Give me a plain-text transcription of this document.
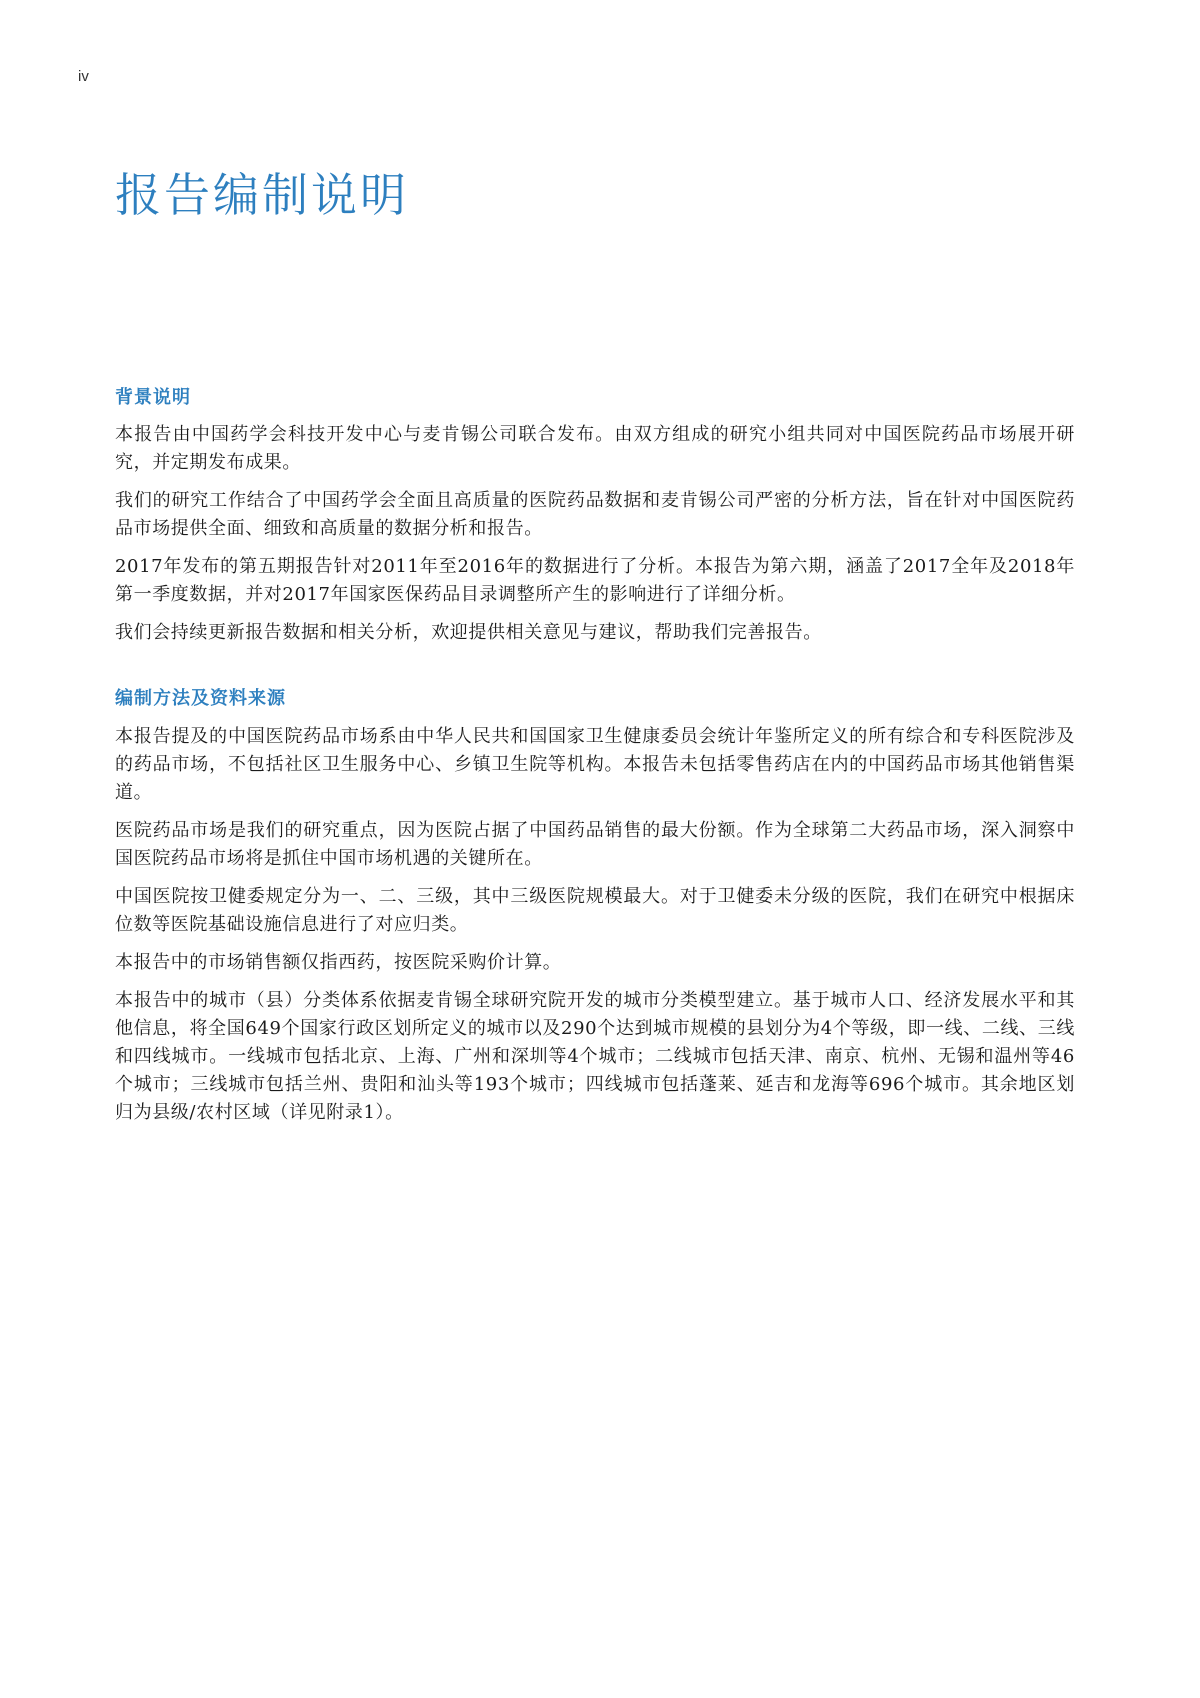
iv
报告编制说明
背景说明

本报告由中国药学会科技开发中心与麦肯锡公司联合发布。由双方组成的研究小组共同对中国医院药品市场展开研究，并定期发布成果。

我们的研究工作结合了中国药学会全面且高质量的医院药品数据和麦肯锡公司严密的分析方法，旨在针对中国医院药品市场提供全面、细致和高质量的数据分析和报告。

2017年发布的第五期报告针对2011年至2016年的数据进行了分析。本报告为第六期，涵盖了2017全年及2018年第一季度数据，并对2017年国家医保药品目录调整所产生的影响进行了详细分析。

我们会持续更新报告数据和相关分析，欢迎提供相关意见与建议，帮助我们完善报告。

编制方法及资料来源

本报告提及的中国医院药品市场系由中华人民共和国国家卫生健康委员会统计年鉴所定义的所有综合和专科医院涉及的药品市场，不包括社区卫生服务中心、乡镇卫生院等机构。本报告未包括零售药店在内的中国药品市场其他销售渠道。

医院药品市场是我们的研究重点，因为医院占据了中国药品销售的最大份额。作为全球第二大药品市场，深入洞察中国医院药品市场将是抓住中国市场机遇的关键所在。

中国医院按卫健委规定分为一、二、三级，其中三级医院规模最大。对于卫健委未分级的医院，我们在研究中根据床位数等医院基础设施信息进行了对应归类。

本报告中的市场销售额仅指西药，按医院采购价计算。

本报告中的城市（县）分类体系依据麦肯锡全球研究院开发的城市分类模型建立。基于城市人口、经济发展水平和其他信息，将全国649个国家行政区划所定义的城市以及290个达到城市规模的县划分为4个等级，即一线、二线、三线和四线城市。一线城市包括北京、上海、广州和深圳等4个城市；二线城市包括天津、南京、杭州、无锡和温州等46个城市；三线城市包括兰州、贵阳和汕头等193个城市；四线城市包括蓬莱、延吉和龙海等696个城市。其余地区划归为县级/农村区域（详见附录1）。
